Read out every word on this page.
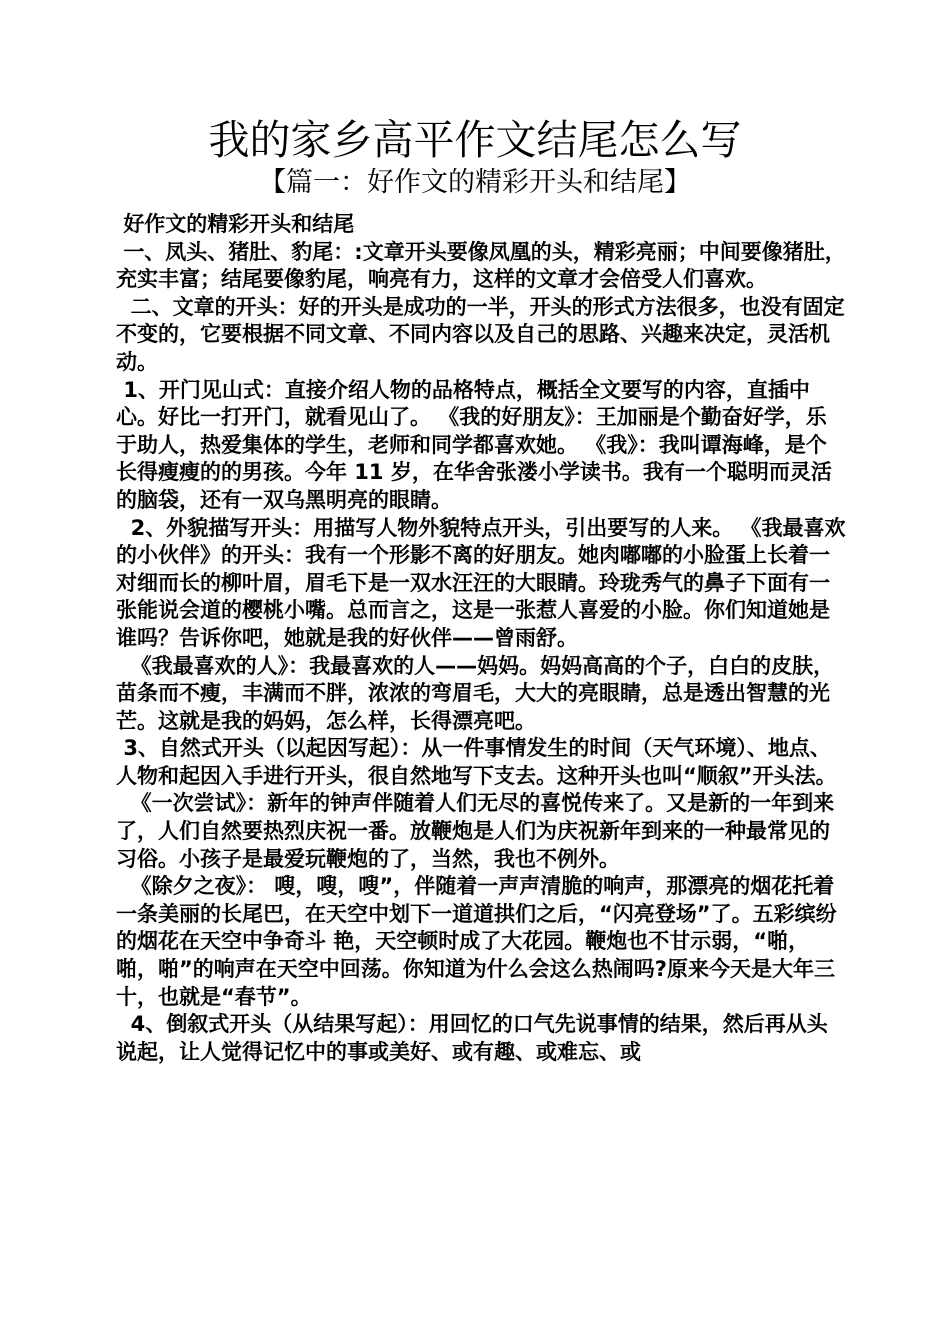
我的家乡高平作文结尾怎么写
【篇一：好作文的精彩开头和结尾】

好作文的精彩开头和结尾

一、凤头、猪肚、豹尾：:文章开头要像凤凰的头，精彩亮丽；中间要像猪肚，充实丰富；结尾要像豹尾，响亮有力，这样的文章才会倍受人们喜欢。

二、文章的开头：好的开头是成功的一半，开头的形式方法很多，也没有固定不变的，它要根据不同文章、不同内容以及自己的思路、兴趣来决定，灵活机动。

1、开门见山式：直接介绍人物的品格特点，概括全文要写的内容，直插中心。好比一打开门，就看见山了。 《我的好朋友》：王加丽是个勤奋好学，乐于助人，热爱集体的学生，老师和同学都喜欢她。 《我》：我叫谭海峰，是个长得瘦瘦的的男孩。今年 11 岁，在华舍张溇小学读书。我有一个聪明而灵活的脑袋，还有一双乌黑明亮的眼睛。

2、外貌描写开头：用描写人物外貌特点开头，引出要写的人来。 《我最喜欢的小伙伴》的开头：我有一个形影不离的好朋友。她肉嘟嘟的小脸蛋上长着一对细而长的柳叶眉，眉毛下是一双水汪汪的大眼睛。玲珑秀气的鼻子下面有一张能说会道的樱桃小嘴。总而言之，这是一张惹人喜爱的小脸。你们知道她是谁吗？告诉你吧，她就是我的好伙伴——曾雨舒。

《我最喜欢的人》：我最喜欢的人——妈妈。妈妈高高的个子，白白的皮肤，苗条而不瘦，丰满而不胖，浓浓的弯眉毛，大大的亮眼睛，总是透出智慧的光芒。这就是我的妈妈，怎么样，长得漂亮吧。

3、自然式开头（以起因写起）：从一件事情发生的时间（天气环境）、地点、人物和起因入手进行开头，很自然地写下支去。这种开头也叫“顺叙”开头法。

《一次尝试》：新年的钟声伴随着人们无尽的喜悦传来了。又是新的一年到来了，人们自然要热烈庆祝一番。放鞭炮是人们为庆祝新年到来的一种最常见的习俗。小孩子是最爱玩鞭炮的了，当然，我也不例外。

《除夕之夜》： 嗖，嗖，嗖”，伴随着一声声清脆的响声，那漂亮的烟花托着一条美丽的长尾巴，在天空中划下一道道拱们之后，“闪亮登场”了。五彩缤纷的烟花在天空中争奇斗 艳，天空顿时成了大花园。鞭炮也不甘示弱，“啪，啪，啪”的响声在天空中回荡。你知道为什么会这么热闹吗?原来今天是大年三十，也就是“春节”。

4、倒叙式开头（从结果写起）：用回忆的口气先说事情的结果，然后再从头说起，让人觉得记忆中的事或美好、或有趣、或难忘、或
